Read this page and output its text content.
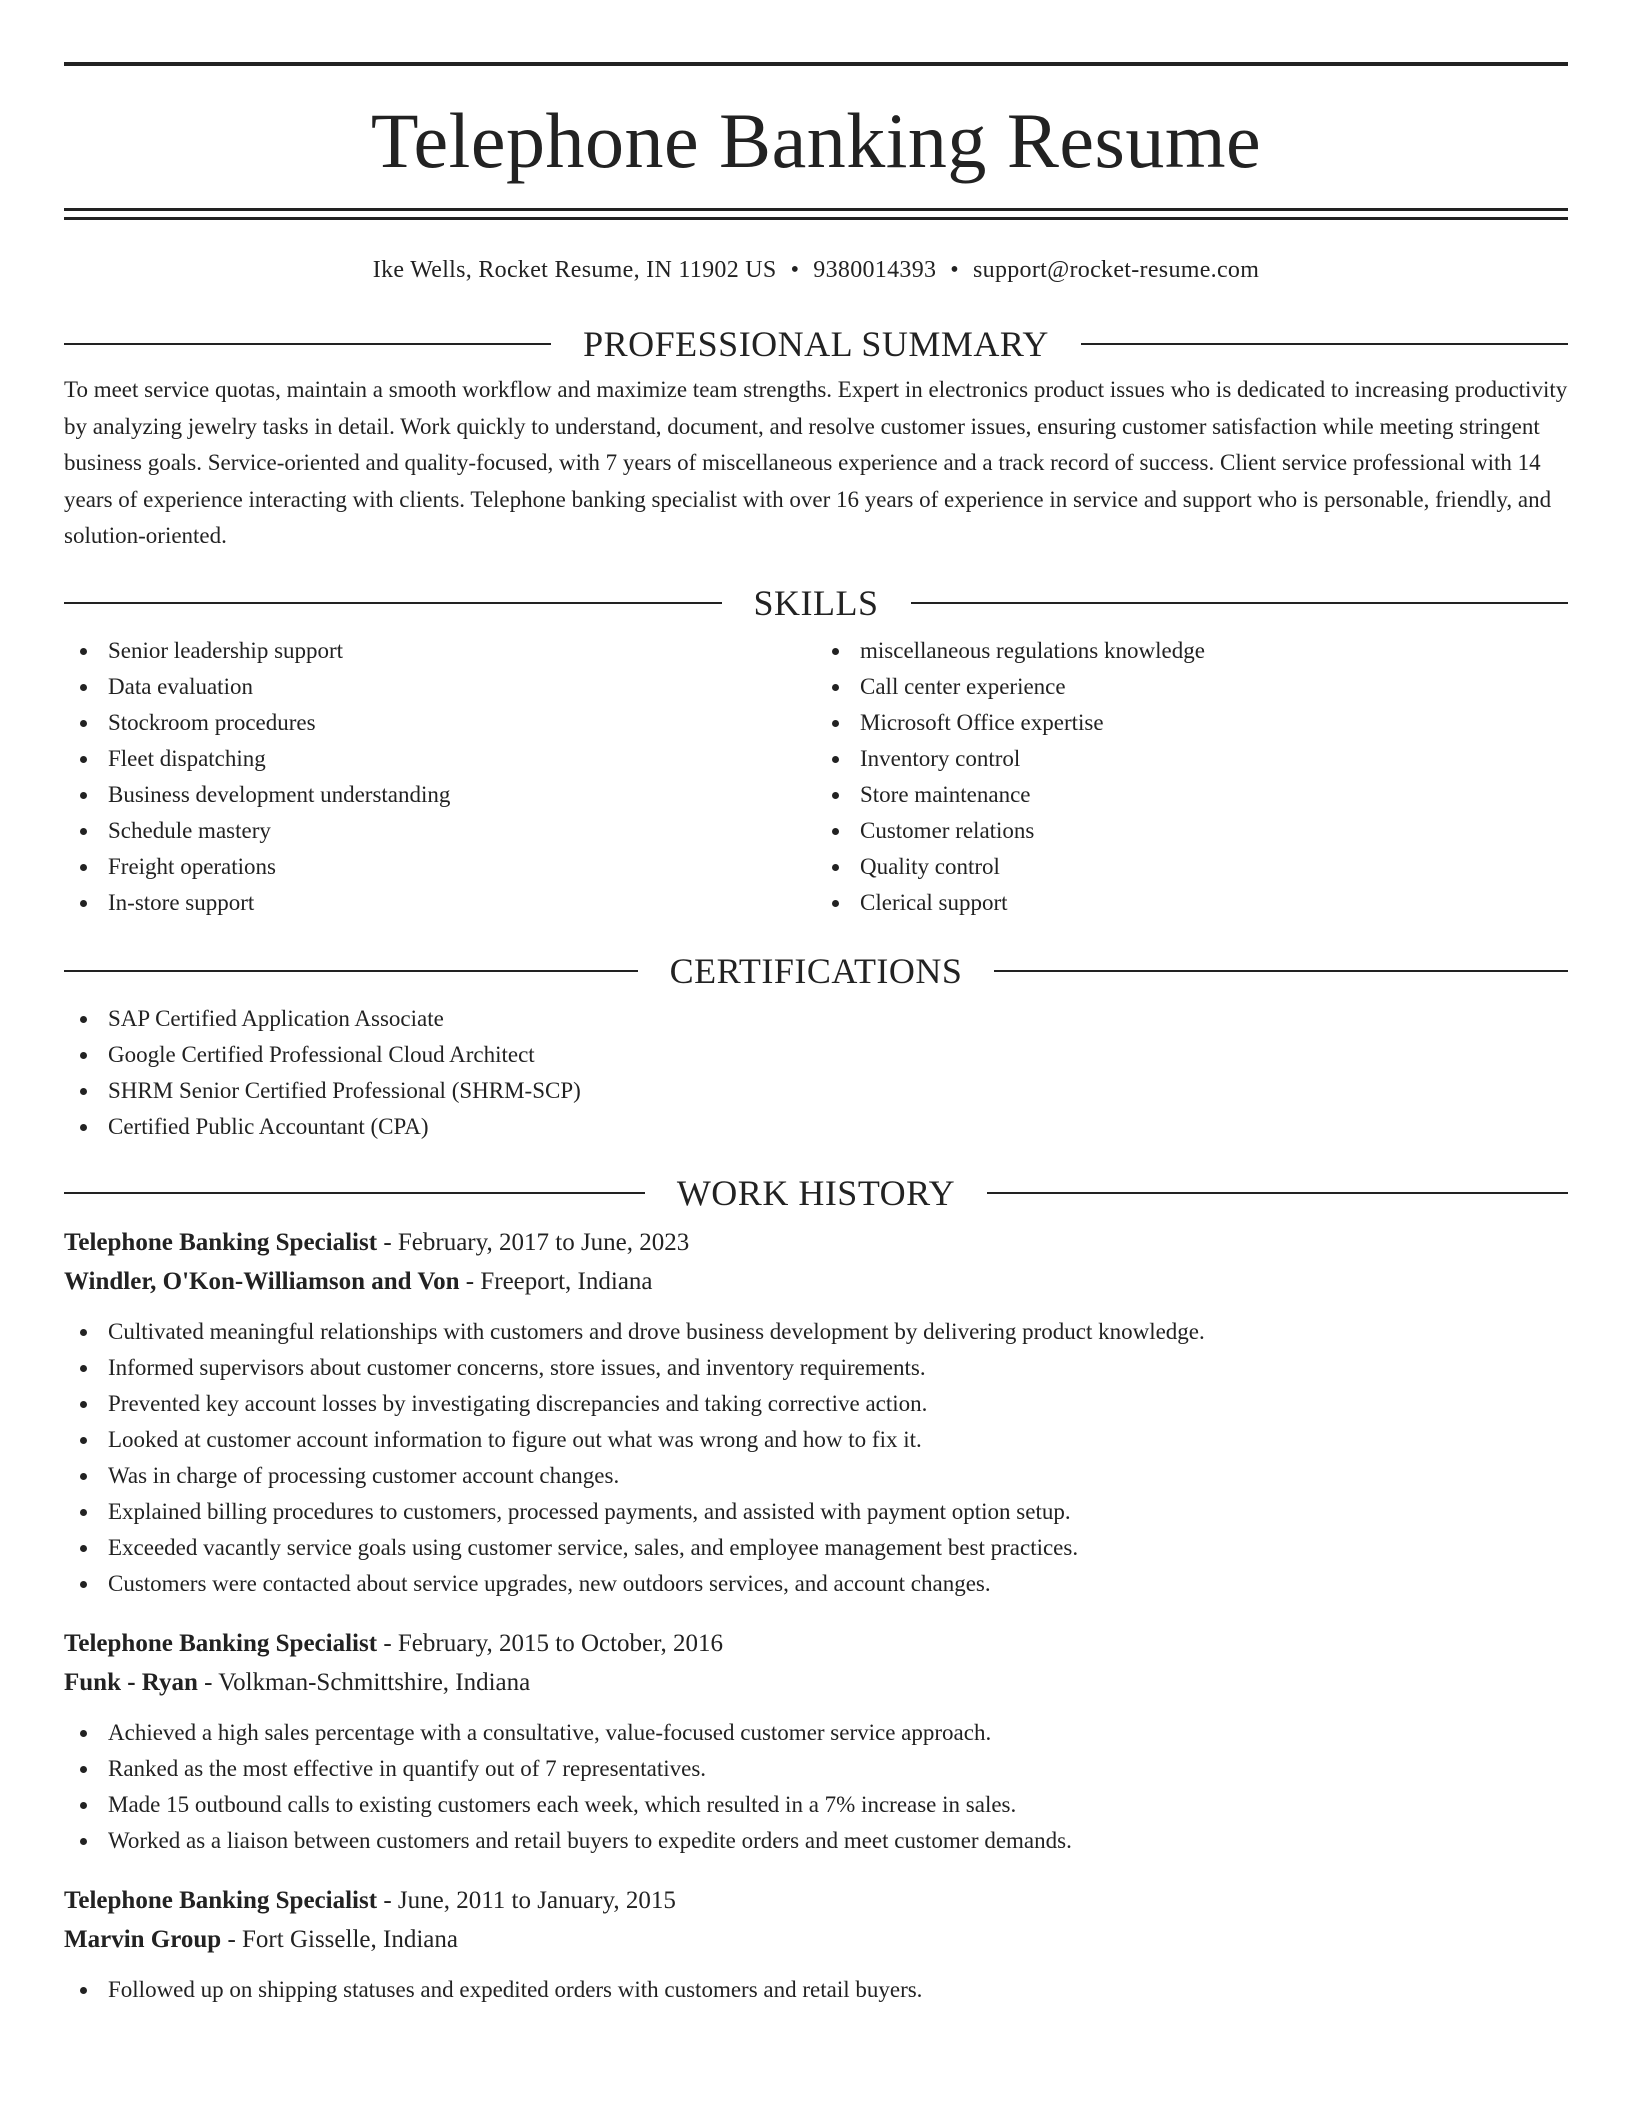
Telephone Banking Resume
Ike Wells, Rocket Resume, IN 11902 US • 9380014393 • support@rocket-resume.com
PROFESSIONAL SUMMARY

To meet service quotas, maintain a smooth workflow and maximize team strengths. Expert in electronics product issues who is dedicated to increasing productivity by analyzing jewelry tasks in detail. Work quickly to understand, document, and resolve customer issues, ensuring customer satisfaction while meeting stringent business goals. Service-oriented and quality-focused, with 7 years of miscellaneous experience and a track record of success. Client service professional with 14 years of experience interacting with clients. Telephone banking specialist with over 16 years of experience in service and support who is personable, friendly, and solution-oriented.

SKILLS
Senior leadership support
Data evaluation
Stockroom procedures
Fleet dispatching
Business development understanding
Schedule mastery
Freight operations
In-store support
miscellaneous regulations knowledge
Call center experience
Microsoft Office expertise
Inventory control
Store maintenance
Customer relations
Quality control
Clerical support
CERTIFICATIONS
SAP Certified Application Associate
Google Certified Professional Cloud Architect
SHRM Senior Certified Professional (SHRM-SCP)
Certified Public Accountant (CPA)
WORK HISTORY
Telephone Banking Specialist - February, 2017 to June, 2023
Windler, O'Kon-Williamson and Von - Freeport, Indiana
Cultivated meaningful relationships with customers and drove business development by delivering product knowledge.
Informed supervisors about customer concerns, store issues, and inventory requirements.
Prevented key account losses by investigating discrepancies and taking corrective action.
Looked at customer account information to figure out what was wrong and how to fix it.
Was in charge of processing customer account changes.
Explained billing procedures to customers, processed payments, and assisted with payment option setup.
Exceeded vacantly service goals using customer service, sales, and employee management best practices.
Customers were contacted about service upgrades, new outdoors services, and account changes.
Telephone Banking Specialist - February, 2015 to October, 2016
Funk - Ryan - Volkman-Schmittshire, Indiana
Achieved a high sales percentage with a consultative, value-focused customer service approach.
Ranked as the most effective in quantify out of 7 representatives.
Made 15 outbound calls to existing customers each week, which resulted in a 7% increase in sales.
Worked as a liaison between customers and retail buyers to expedite orders and meet customer demands.
Telephone Banking Specialist - June, 2011 to January, 2015
Marvin Group - Fort Gisselle, Indiana
Followed up on shipping statuses and expedited orders with customers and retail buyers.
